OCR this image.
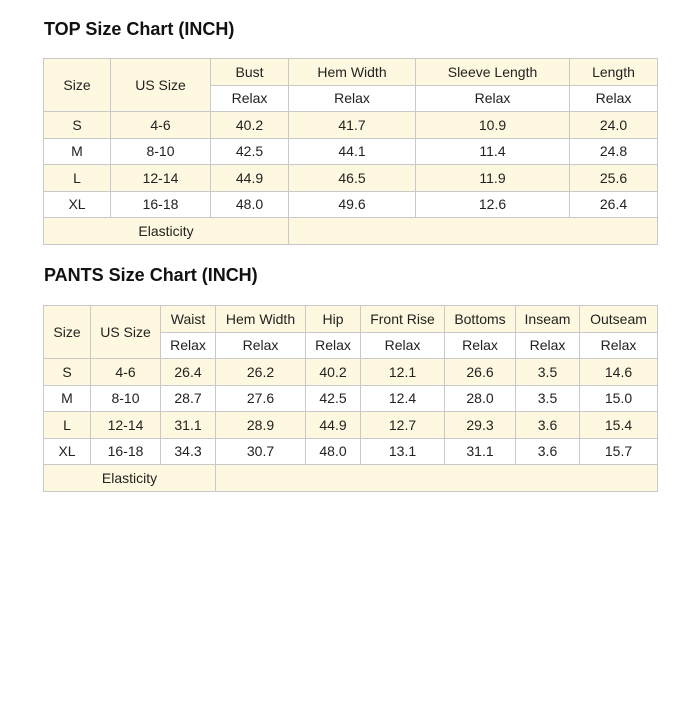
TOP Size Chart (INCH)
Size	US Size	Bust	Hem Width	Sleeve Length	Length
		Relax	Relax	Relax	Relax
S	4-6	40.2	41.7	10.9	24.0
M	8-10	42.5	44.1	11.4	24.8
L	12-14	44.9	46.5	11.9	25.6
XL	16-18	48.0	49.6	12.6	26.4
Elasticity					
PANTS Size Chart (INCH)
Size	US Size	Waist	Hem Width	Hip	Front Rise	Bottoms	Inseam	Outseam
		Relax	Relax	Relax	Relax	Relax	Relax	Relax
S	4-6	26.4	26.2	40.2	12.1	26.6	3.5	14.6
M	8-10	28.7	27.6	42.5	12.4	28.0	3.5	15.0
L	12-14	31.1	28.9	44.9	12.7	29.3	3.6	15.4
XL	16-18	34.3	30.7	48.0	13.1	31.1	3.6	15.7
Elasticity								
